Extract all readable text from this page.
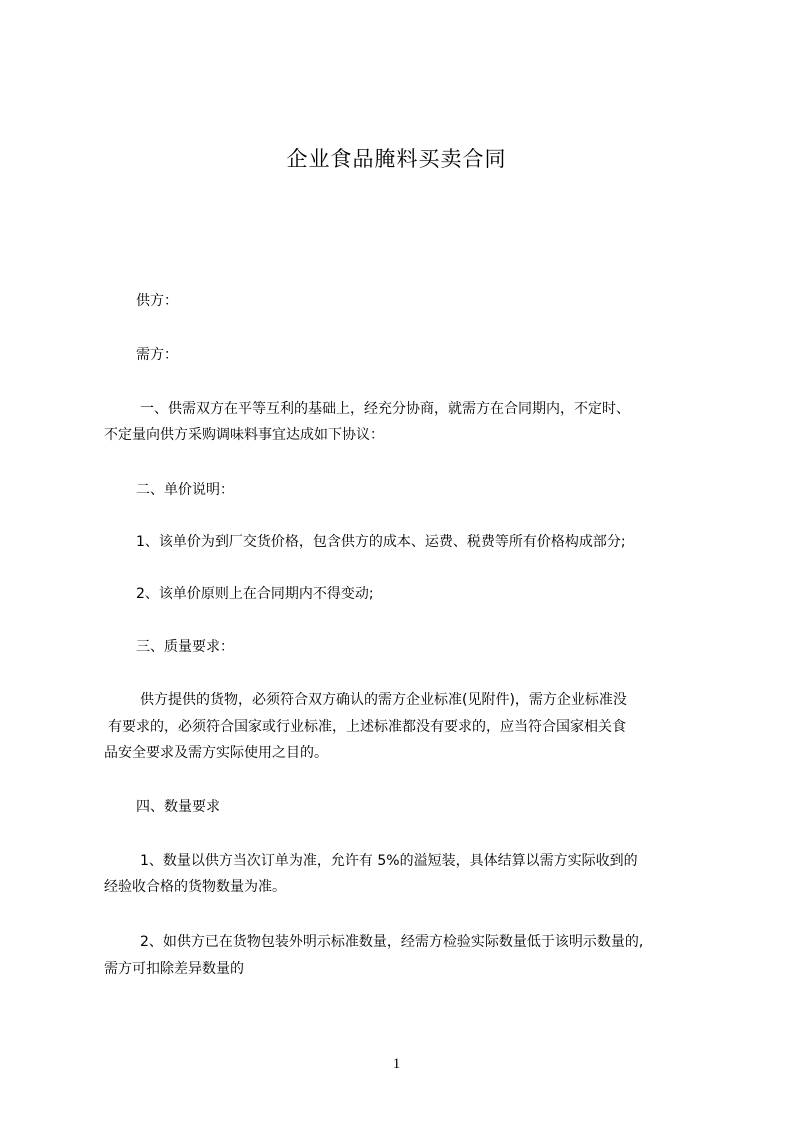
企业食品腌料买卖合同

供方：

需方：

一、供需双方在平等互利的基础上，经充分协商，就需方在合同期内，不定时、

不定量向供方采购调味料事宜达成如下协议：

二、单价说明：

1、该单价为到厂交货价格，包含供方的成本、运费、税费等所有价格构成部分;

2、该单价原则上在合同期内不得变动;

三、质量要求：

供方提供的货物，必须符合双方确认的需方企业标准(见附件)，需方企业标准没

有要求的，必须符合国家或行业标准，上述标准都没有要求的，应当符合国家相关食

品安全要求及需方实际使用之目的。

四、数量要求

1、数量以供方当次订单为准，允许有 5%的溢短装，具体结算以需方实际收到的

经验收合格的货物数量为准。

2、如供方已在货物包装外明示标准数量，经需方检验实际数量低于该明示数量的,

需方可扣除差异数量的

1
